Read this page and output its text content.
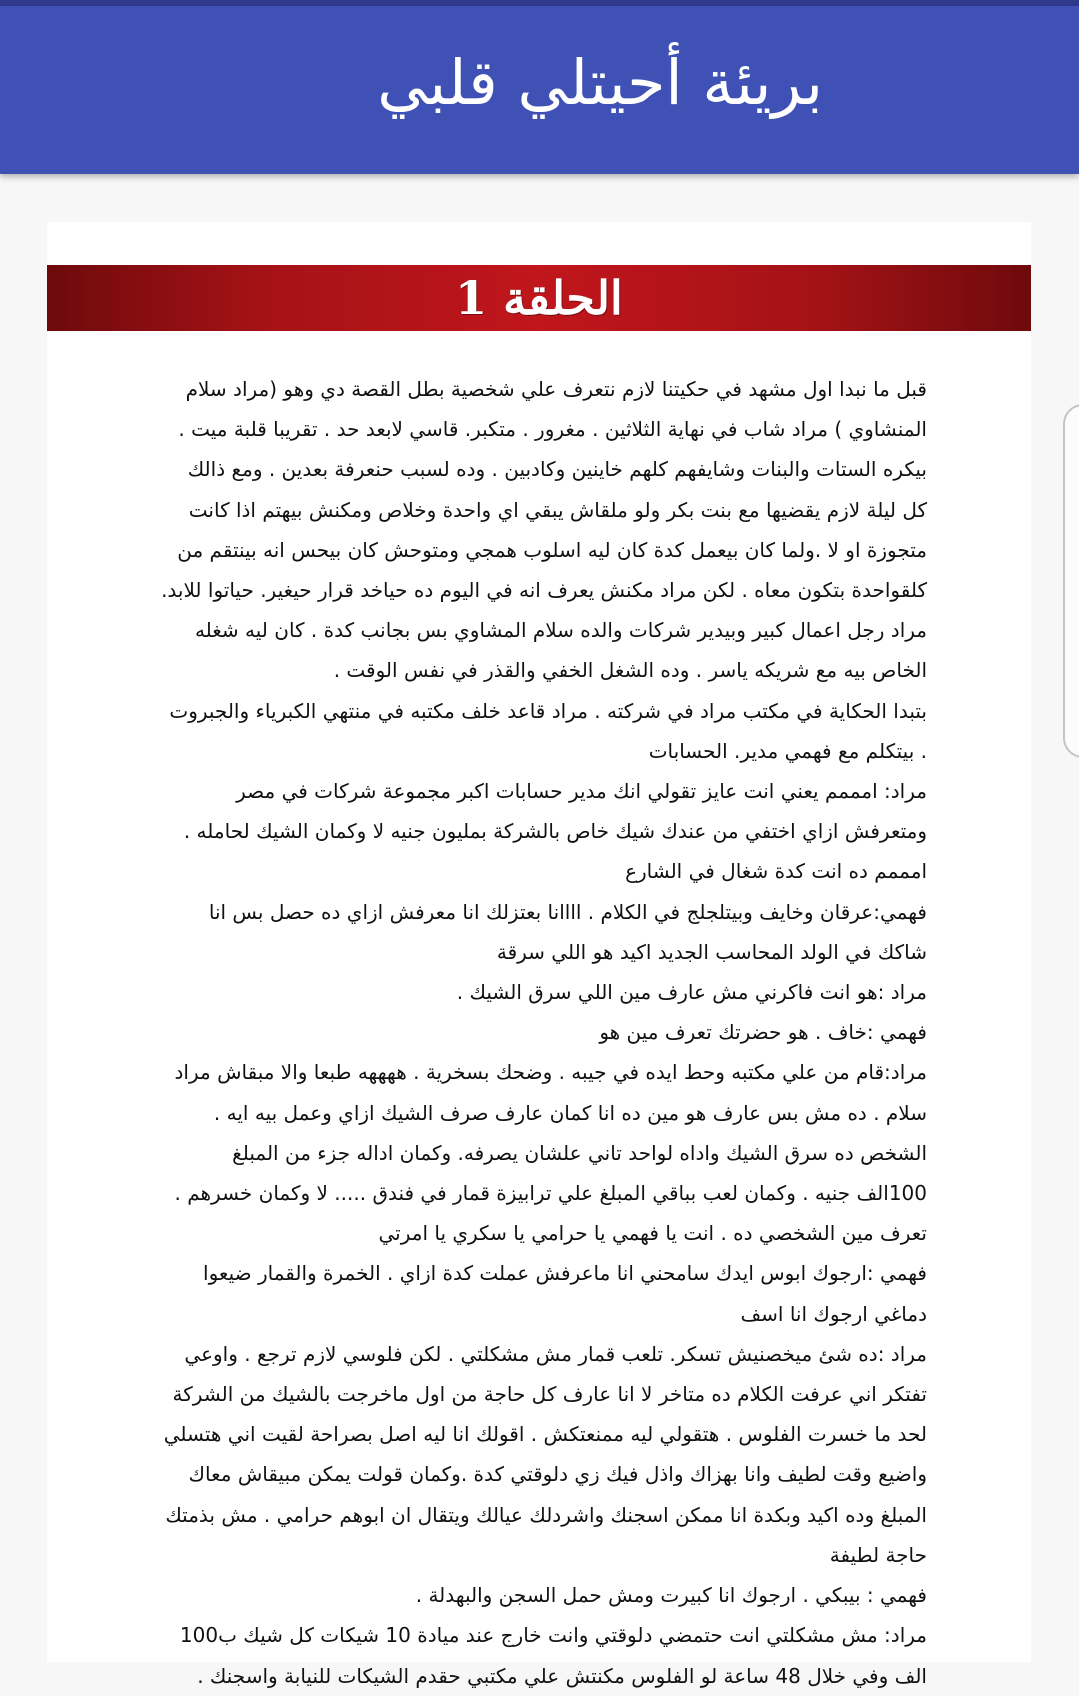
بريئة أحيتلي قلبي
الحلقة 1

قبل ما نبدا اول مشهد في حكيتنا لازم نتعرف علي شخصية بطل القصة دي وهو (مراد سلام المنشاوي ) مراد شاب في نهاية الثلاثين . مغرور . متكبر. قاسي لابعد حد . تقريبا قلبة ميت . بيكره الستات والبنات وشايفهم كلهم خاينين وكادبين . وده لسبب حنعرفة بعدين . ومع ذالك كل ليلة لازم يقضيها مع بنت بكر ولو ملقاش يبقي اي واحدة وخلاص ومكنش بيهتم اذا كانت متجوزة او لا .ولما كان بيعمل كدة كان ليه اسلوب همجي ومتوحش كان بيحس انه بينتقم من كلقواحدة بتكون معاه . لكن مراد مكنش يعرف انه في اليوم ده حياخد قرار حيغير. حياتوا للابد. مراد رجل اعمال كبير وبيدير شركات والده سلام المشاوي بس بجانب كدة . كان ليه شغله الخاص بيه مع شريكه ياسر . وده الشغل الخفي والقذر في نفس الوقت .

بتبدا الحكاية في مكتب مراد في شركته . مراد قاعد خلف مكتبه في منتهي الكبرياء والجبروت . بيتكلم مع فهمي مدير. الحسابات

مراد: امممم يعني انت عايز تقولي انك مدير حسابات اكبر مجموعة شركات في مصر ومتعرفش ازاي اختفي من عندك شيك خاص بالشركة بمليون جنيه لا وكمان الشيك لحامله . امممم ده انت كدة شغال في الشارع

فهمي:عرقان وخايف وبيتلجلج في الكلام . اااانا بعتزلك انا معرفش ازاي ده حصل بس انا شاكك في الولد المحاسب الجديد اكيد هو اللي سرقة

مراد :هو انت فاكرني مش عارف مين اللي سرق الشيك .

فهمي :خاف . هو حضرتك تعرف مين هو

مراد:قام من علي مكتبه وحط ايده في جيبه . وضحك بسخرية . ههههه طبعا والا مبقاش مراد سلام . ده مش بس عارف هو مين ده انا كمان عارف صرف الشيك ازاي وعمل بيه ايه . الشخص ده سرق الشيك واداه لواحد تاني علشان يصرفه. وكمان اداله جزء من المبلغ 100الف جنيه . وكمان لعب بباقي المبلغ علي ترابيزة قمار في فندق ..... لا وكمان خسرهم . تعرف مين الشخصي ده . انت يا فهمي يا حرامي يا سكري يا امرتي

فهمي :ارجوك ابوس ايدك سامحني انا ماعرفش عملت كدة ازاي . الخمرة والقمار ضيعوا دماغي ارجوك انا اسف

مراد :ده شئ ميخصنيش تسكر. تلعب قمار مش مشكلتي . لكن فلوسي لازم ترجع . واوعي تفتكر اني عرفت الكلام ده متاخر لا انا عارف كل حاجة من اول ماخرجت بالشيك من الشركة

لحد ما خسرت الفلوس . هتقولي ليه ممنعتكش . اقولك انا ليه اصل بصراحة لقيت اني هتسلي واضيع وقت لطيف وانا بهزاك واذل فيك زي دلوقتي كدة .وكمان قولت يمكن مبيقاش معاك المبلغ وده اكيد وبكدة انا ممكن اسجنك واشردلك عيالك ويتقال ان ابوهم حرامي . مش بذمتك حاجة لطيفة

فهمي : بيبكي . ارجوك انا كبيرت ومش حمل السجن والبهدلة .

مراد: مش مشكلتي انت حتمضي دلوقتي وانت خارج عند ميادة 10 شيكات كل شيك ب100 الف وفي خلال 48 ساعة لو الفلوس مكنتش علي مكتبي حقدم الشيكات للنيابة واسجنك .
